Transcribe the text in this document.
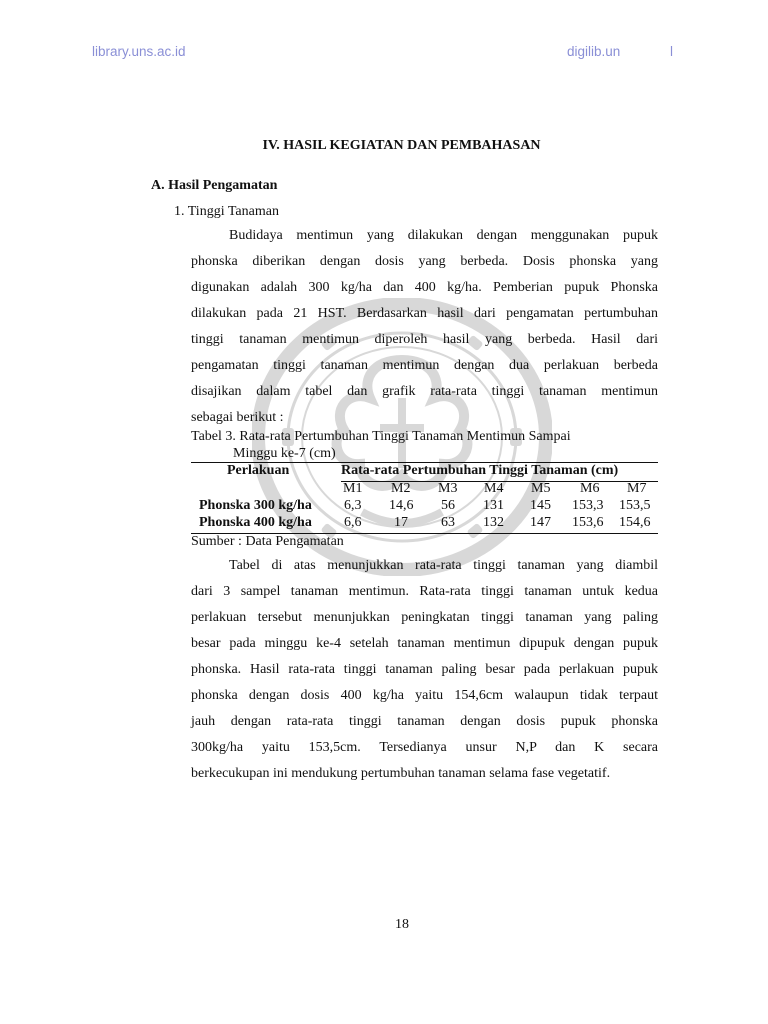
library.uns.ac.id	digilib.un	l
IV. HASIL KEGIATAN DAN PEMBAHASAN
A. Hasil Pengamatan
1. Tinggi Tanaman

Budidaya mentimun yang dilakukan dengan menggunakan pupuk
phonska diberikan dengan dosis yang berbeda. Dosis phonska yang
digunakan adalah 300 kg/ha dan 400 kg/ha. Pemberian pupuk Phonska
dilakukan pada 21 HST. Berdasarkan hasil dari pengamatan pertumbuhan
tinggi tanaman mentimun diperoleh hasil yang berbeda. Hasil dari
pengamatan tinggi tanaman mentimun dengan dua perlakuan berbeda
disajikan dalam tabel dan grafik rata-rata tinggi tanaman mentimun
sebagai berikut :

Tabel 3. Rata-rata Pertumbuhan Tinggi Tanaman Mentimun Sampai
Minggu ke-7 (cm)
Perlakuan	Rata-rata Pertumbuhan Tinggi Tanaman (cm)
M1 M2 M3 M4 M5 M6 M7
Phonska 300 kg/ha 6,3 14,6 56 131 145 153,3 153,5
Phonska 400 kg/ha 6,6 17 63 132 147 153,6 154,6
Sumber : Data Pengamatan

Tabel di atas menunjukkan rata-rata tinggi tanaman yang diambil
dari 3 sampel tanaman mentimun. Rata-rata tinggi tanaman untuk kedua
perlakuan tersebut menunjukkan peningkatan tinggi tanaman yang paling
besar pada minggu ke-4 setelah tanaman mentimun dipupuk dengan pupuk
phonska. Hasil rata-rata tinggi tanaman paling besar pada perlakuan pupuk
phonska dengan dosis 400 kg/ha yaitu 154,6cm walaupun tidak terpaut
jauh dengan rata-rata tinggi tanaman dengan dosis pupuk phonska
300kg/ha yaitu 153,5cm. Tersedianya unsur N,P dan K secara
berkecukupan ini mendukung pertumbuhan tanaman selama fase vegetatif.

18
